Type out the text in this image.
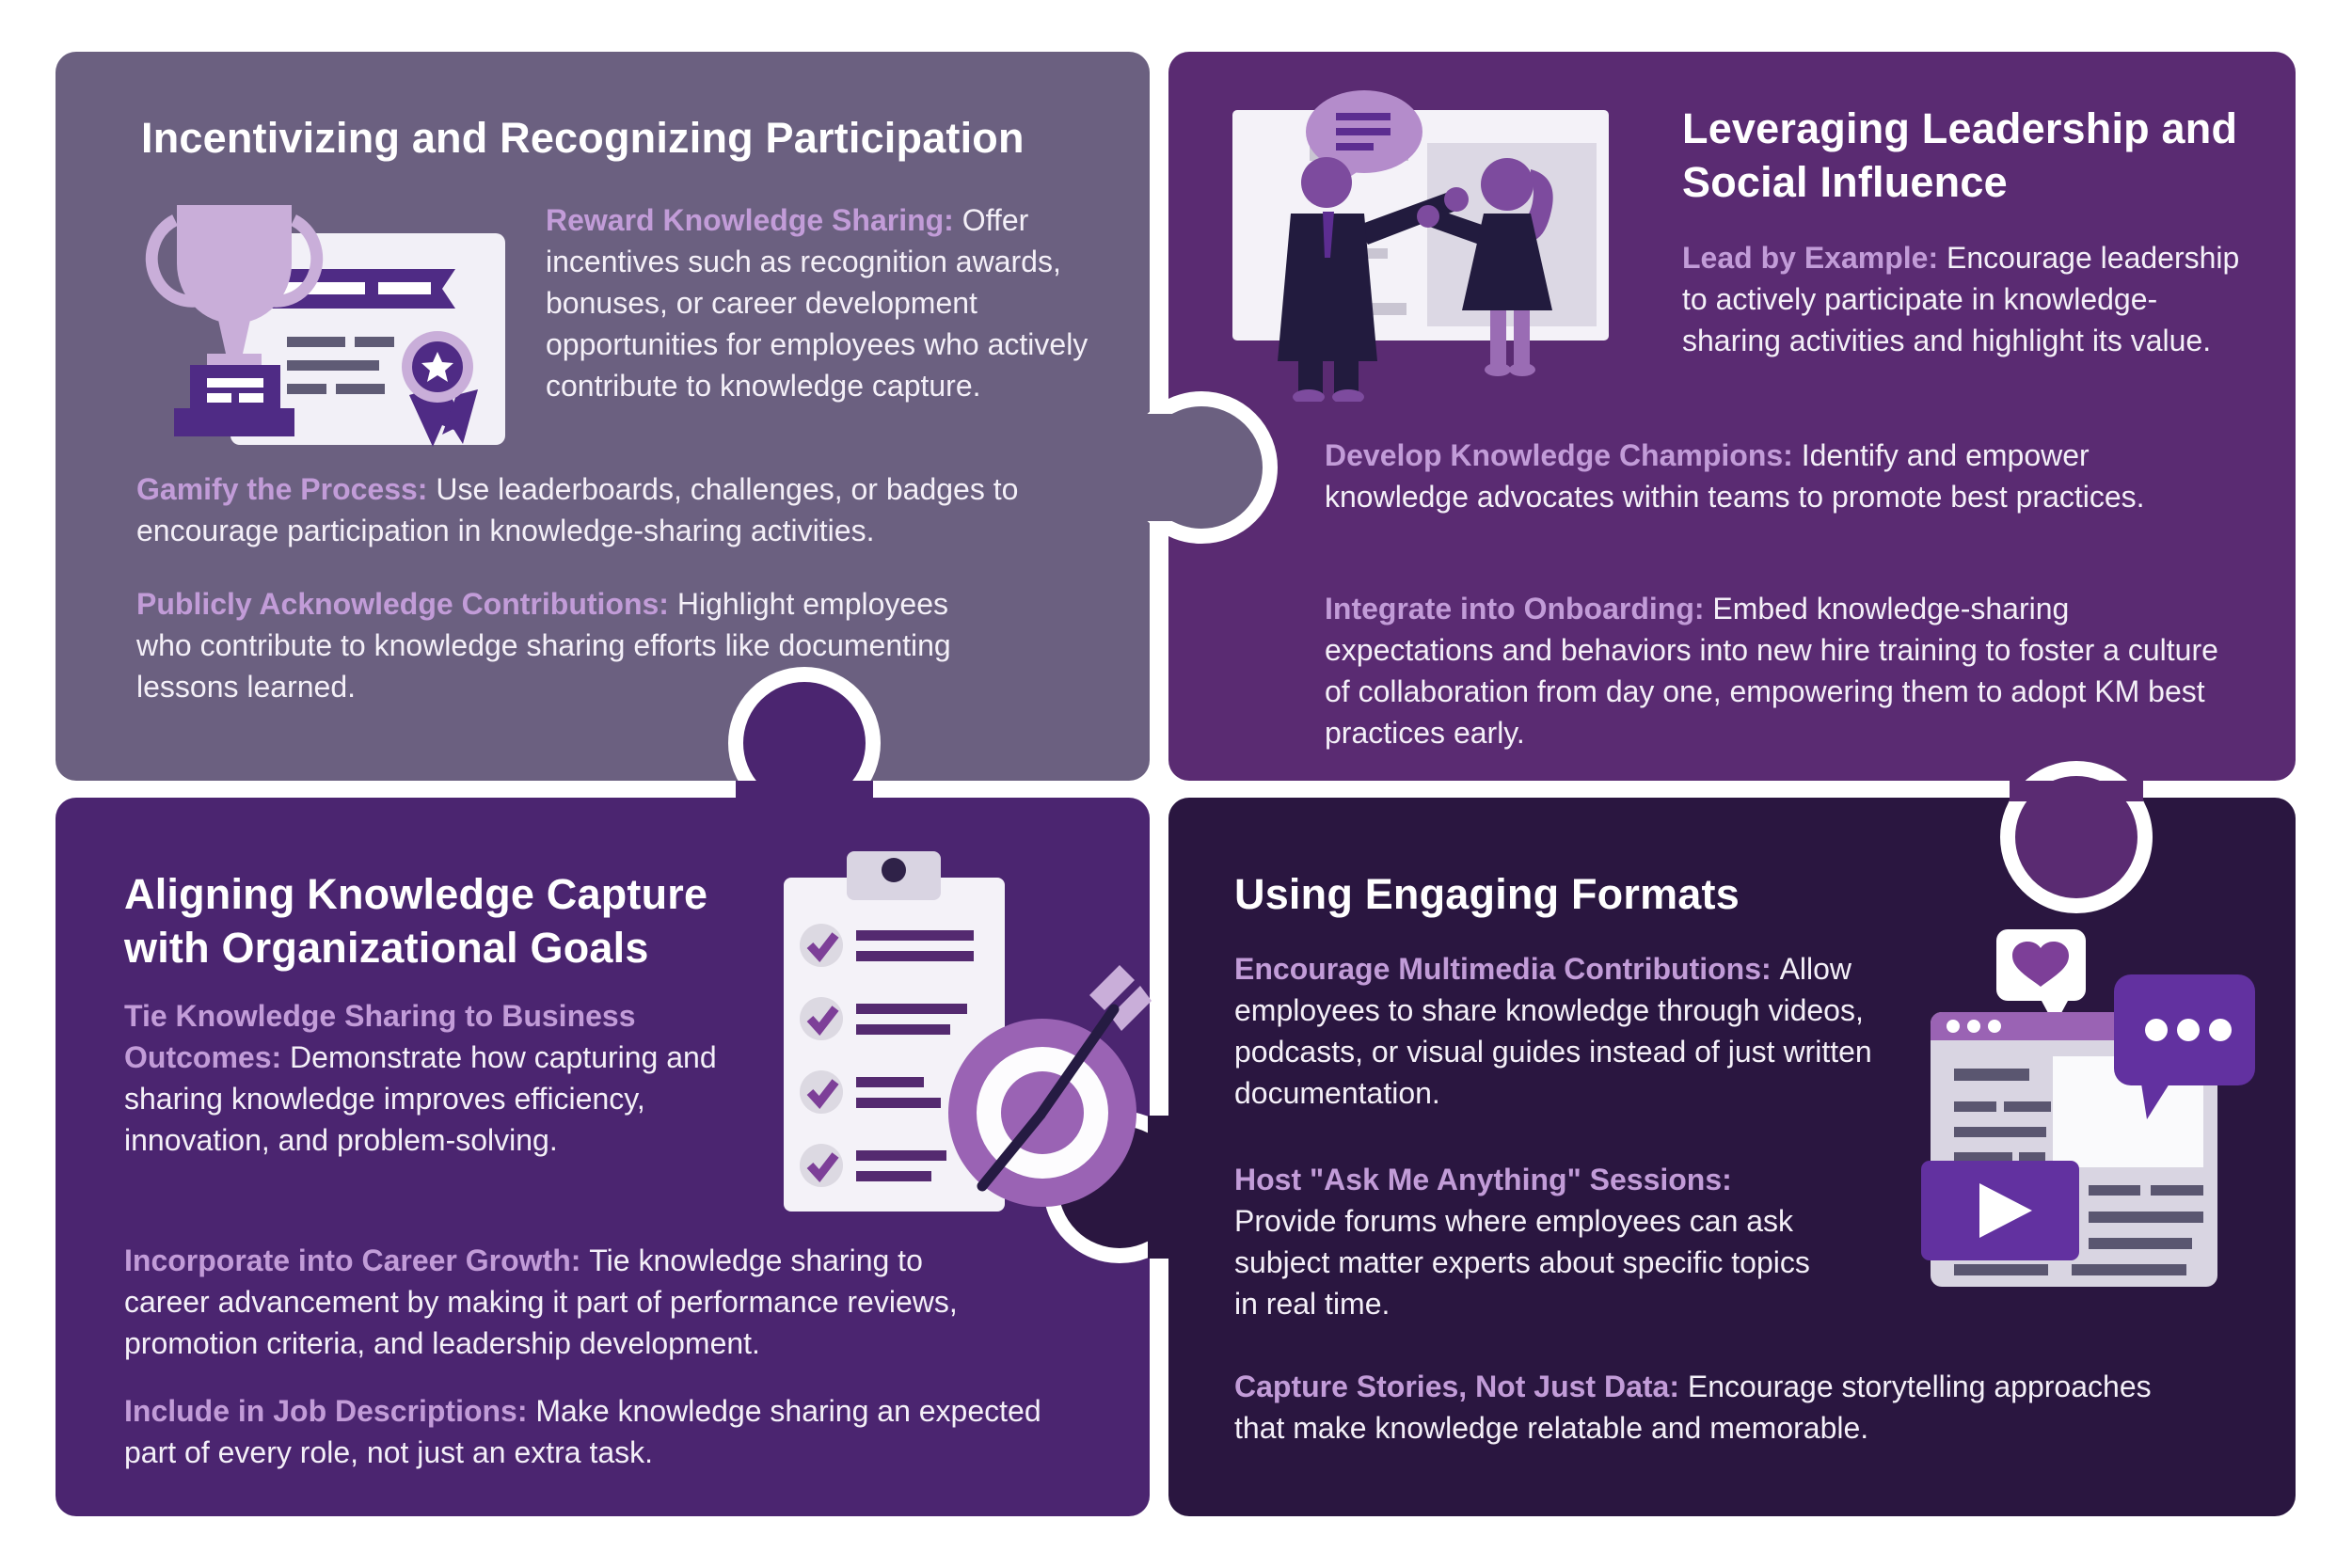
Incentivizing and Recognizing Participation
Reward Knowledge Sharing: Offer incentives such as recognition awards, bonuses, or career development opportunities for employees who actively contribute to knowledge capture.
Gamify the Process: Use leaderboards, challenges, or badges to encourage participation in knowledge-sharing activities.
Publicly Acknowledge Contributions: Highlight employees who contribute to knowledge sharing efforts like documenting lessons learned.
Leveraging Leadership and Social Influence
Lead by Example: Encourage leadership to actively participate in knowledge-sharing activities and highlight its value.
Develop Knowledge Champions: Identify and empower knowledge advocates within teams to promote best practices.
Integrate into Onboarding: Embed knowledge-sharing expectations and behaviors into new hire training to foster a culture of collaboration from day one, empowering them to adopt KM best practices early.
Aligning Knowledge Capture with Organizational Goals
Tie Knowledge Sharing to Business Outcomes: Demonstrate how capturing and sharing knowledge improves efficiency, innovation, and problem-solving.
Incorporate into Career Growth: Tie knowledge sharing to career advancement by making it part of performance reviews, promotion criteria, and leadership development.
Include in Job Descriptions: Make knowledge sharing an expected part of every role, not just an extra task.
Using Engaging Formats
Encourage Multimedia Contributions: Allow employees to share knowledge through videos, podcasts, or visual guides instead of just written documentation.
Host "Ask Me Anything" Sessions:Provide forums where employees can ask subject matter experts about specific topics in real time.
Capture Stories, Not Just Data: Encourage storytelling approaches that make knowledge relatable and memorable.
